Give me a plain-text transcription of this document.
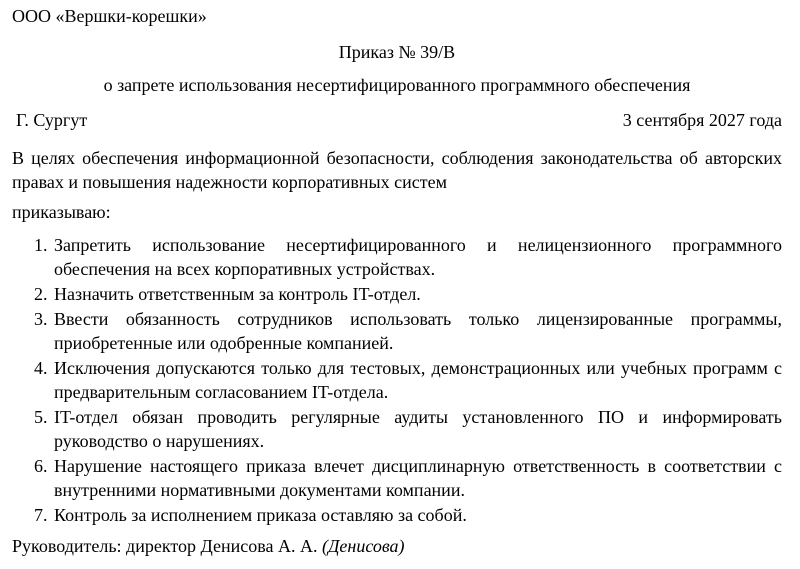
ООО «Вершки-корешки»

Приказ № 39/В

о запрете использования несертифицированного программного обеспечения

Г. Сургут	3 сентября 2027 года

В целях обеспечения информационной безопасности, соблюдения законодательства об авторских правах и повышения надежности корпоративных систем

приказываю:

1. Запретить использование несертифицированного и нелицензионного программного обеспечения на всех корпоративных устройствах.
2. Назначить ответственным за контроль IT-отдел.
3. Ввести обязанность сотрудников использовать только лицензированные программы, приобретенные или одобренные компанией.
4. Исключения допускаются только для тестовых, демонстрационных или учебных программ с предварительным согласованием IT-отдела.
5. IT-отдел обязан проводить регулярные аудиты установленного ПО и информировать руководство о нарушениях.
6. Нарушение настоящего приказа влечет дисциплинарную ответственность в соответствии с внутренними нормативными документами компании.
7. Контроль за исполнением приказа оставляю за собой.

Руководитель: директор Денисова А. А. (Денисова)
